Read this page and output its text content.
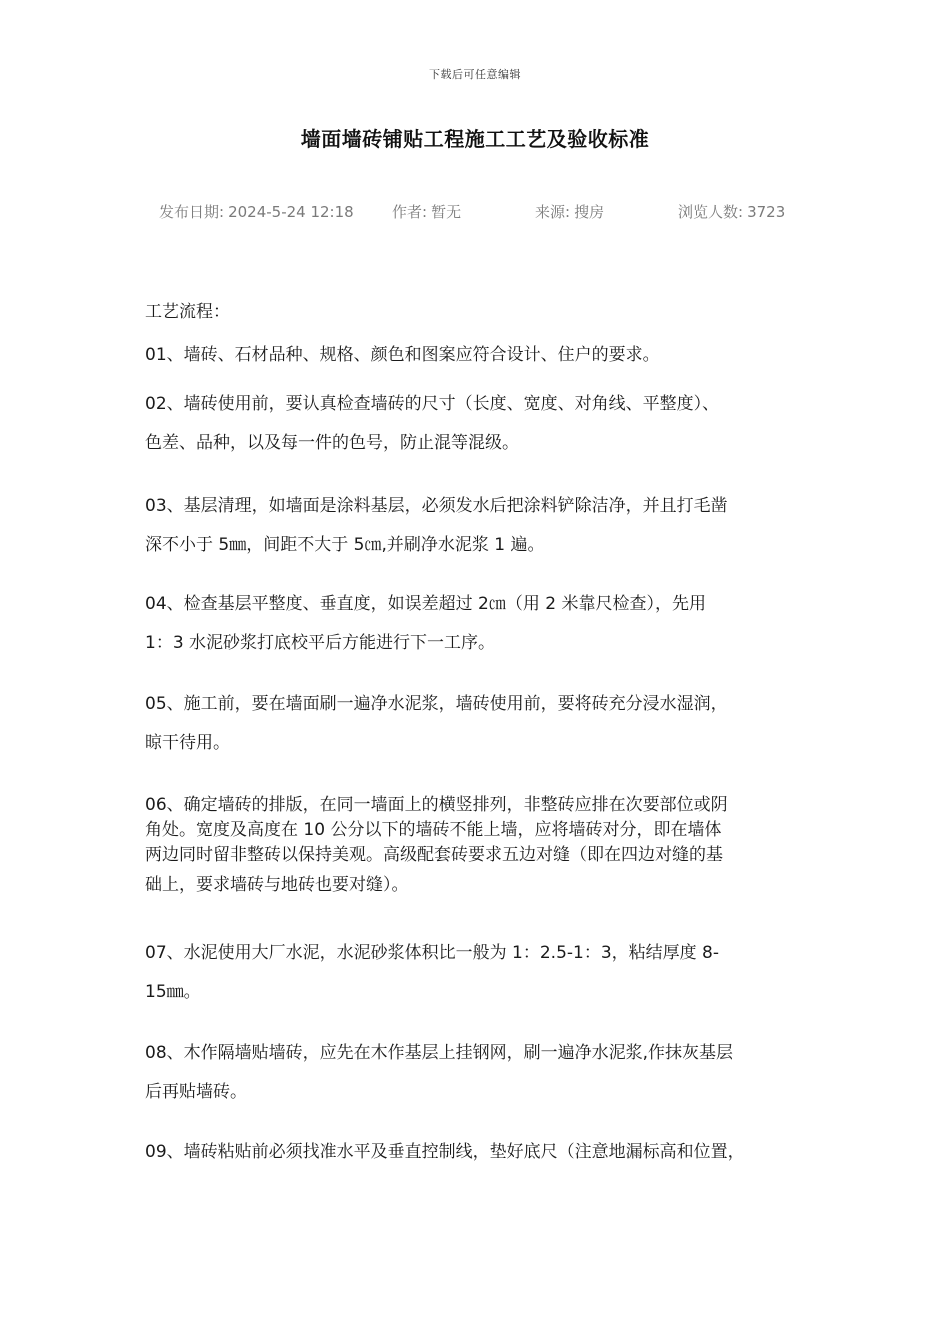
下载后可任意编辑
墙面墙砖铺贴工程施工工艺及验收标准
发布日期: 2024-5-24 12:18	作者: 暂无	来源: 搜房	浏览人数: 3723
工艺流程：
01、墙砖、石材品种、规格、颜色和图案应符合设计、住户的要求。
02、墙砖使用前，要认真检查墙砖的尺寸（长度、宽度、对角线、平整度）、
色差、品种，以及每一件的色号，防止混等混级。
03、基层清理，如墙面是涂料基层，必须发水后把涂料铲除洁净，并且打毛凿
深不小于 5㎜，间距不大于 5㎝,并刷净水泥浆 1 遍。
04、检查基层平整度、垂直度，如误差超过 2㎝（用 2 米靠尺检查），先用
1：3 水泥砂浆打底校平后方能进行下一工序。
05、施工前，要在墙面刷一遍净水泥浆，墙砖使用前，要将砖充分浸水湿润，
晾干待用。
06、确定墙砖的排版，在同一墙面上的横竖排列，非整砖应排在次要部位或阴
角处。宽度及高度在 10 公分以下的墙砖不能上墙，应将墙砖对分，即在墙体
两边同时留非整砖以保持美观。高级配套砖要求五边对缝（即在四边对缝的基
础上，要求墙砖与地砖也要对缝）。
07、水泥使用大厂水泥，水泥砂浆体积比一般为 1：2.5-1：3，粘结厚度 8-
15㎜。
08、木作隔墙贴墙砖，应先在木作基层上挂钢网，刷一遍净水泥浆,作抹灰基层
后再贴墙砖。
09、墙砖粘贴前必须找准水平及垂直控制线，垫好底尺（注意地漏标高和位置，
